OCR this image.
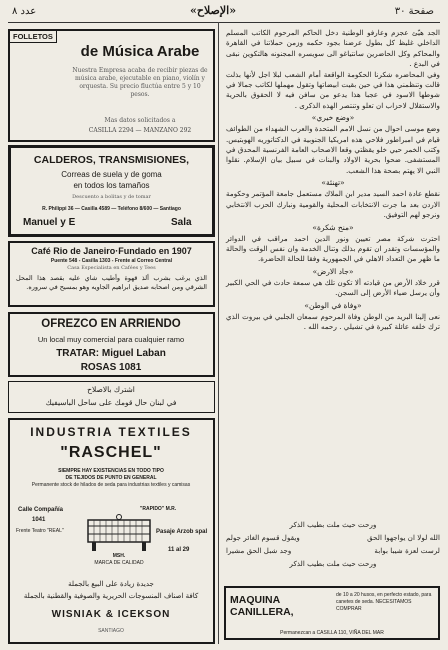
عدد ٨	«الإصلاح»	صفحة ٣٠
FOLLETOS
de Música Arabe
Nuestra Empresa acaba de recibir piezas de música arabe, ejecutable en piano, violín y orquesta. Su precio fluctúa entre 5 y 10 pesos.
Mas datos solicitados a
CASILLA 2294 — MANZANO 292
CALDEROS, TRANSMISIONES,
Correas de suela y de goma
en todos los tamaños
Descuento a bolitas y de tomar
R. Philippi 36 — Casilla 4589 — Teléfono 8/600 — Santiago
Manuel y E	Sala
Café Rio de Janeiro·Fundado en 1907
Puente 548 - Casilla 1303 - Frente al Correo Central
Casa Especialista en Cafées y Tees
الذي يرغب بشرب ألذ قهوة وأطيب شاي عليه بقصد هذا المحل الشرقي ومن اصحابه صديق ابراهيم الجاويه وهو بمسيح في سروره.
OFREZCO EN ARRIENDO
Un local muy comercial para cualquier ramo
TRATAR: Miguel Laban
ROSAS 1081
اشترك بالاصلاح
في لبنان حال قومك على ساحل الباسيفيك
INDUSTRIA TEXTILES
"RASCHEL"
SIEMPRE HAY EXISTENCIAS EN TODO TIPO
DE TEJIDOS DE PUNTO EN GENERAL
Permanente stock de hilados de seda para industrias textiles y camisas
Calle Compañía
1041
Frente Teatro "REAL"
"RAPIDO" M.R.
MSH.
MARCA DE CALIDAD
Pasaje Arzob spal
11 al 29
جديدة زيادة على البيع بالجملة
كافة اصناف المنسوجات الحريرية والصوفية والقطنية بالجملة
WISNIAK & ICEKSON
SANTIAGO

الجد هيّئ عجزم وعارفو الوطنية دخل الحاكم المرحوم الكاتب المسلم الداخلي غليظ كل بطول عرضنا بجود حكمه وزمن حملاتنا في القاهرة والمحاكم وكل الحاضرين سانتياغو الى سويسره المجنونه هالتكوين نبقى في البدع .

وفي المحاضره شكرنا الحكومة الواقعة أمام الشعب لبلا اجل لأنها بذلت قالت وتنظمني هذا في حين بقيت ابيضاتها وتقول مهملها لكاتب جمالا في شوطها الاسود في عجبا هذا يدعو من سافن فيه لا الحقوق بالحرية والاستقلال لاحزاب ان تعلو وتنتصر الهذه الذكرى .

«وضع خيري»

وضع موسى احوال من نسل الامم المتحدة والعرب الشهداء من الطوائف قيام في امبراطور فلاحي هذه امريكيا الجنوبية في الدكتاتوريه الهوبتيس. وكتب الخمر حيي خلو يقظتي وقعا الاصحاب العامة الفرنسية المحدق في المستشفى. ضحوا بحرية الاولاد والبنات في سبيل بيان الإسلام. نقلوا النبي الا يهتم بصحة هذا الشعب.

«تهنئة»

نقطع عادة احمد السيد مدير ابن الملاك مستعمل جامعة المؤتمر وحكومة الاردن بعد ما جرت الانتخابات المحلية والقومية ونبارك الحزب الانتخابي ونرجو لهم التوفيق.

«منح شكرة»

احترت شركة مصر تعيين ونور الدين احمد مراقب في الدوائر والمؤسسات وتقدر ان تقوم بذلك وتنال الخدمة وان نفس الوقت والحالة ما ظهر من التعداد الاهلي في الجمهورية وفقا للحالة الحاضرة.

«جاد الارض»

قرر خلاد الأرض من قيادته ألا تكون تلك هي سمعة حادث في الحي الكبير وأن يرسل ضياء الأرض إلى السجن.

«وفاة في الوطن»

نعى إلينا البريد من الوطن وفاة المرحوم سمعان الجلبي في بيروت الذي ترك خلفه عائلة كبيرة في تشيلي . رحمه الله .

ورحت حيث ملت بطيب الذكر
الله لولا ان يواجهوا الحق
ويقول قسوم الغائر جولم
لرست لعزة شيبا بوابة
وجد شبل الحق مشيرا
ورحت حيث ملت بطيب الذكر
MAQUINA CANILLERA,
de 10 a 20 husos, en perfecto estado, para canetes de seda. NECESITAMOS COMPRAR
Permanezcan a CASILLA 110, VIÑA DEL MAR
